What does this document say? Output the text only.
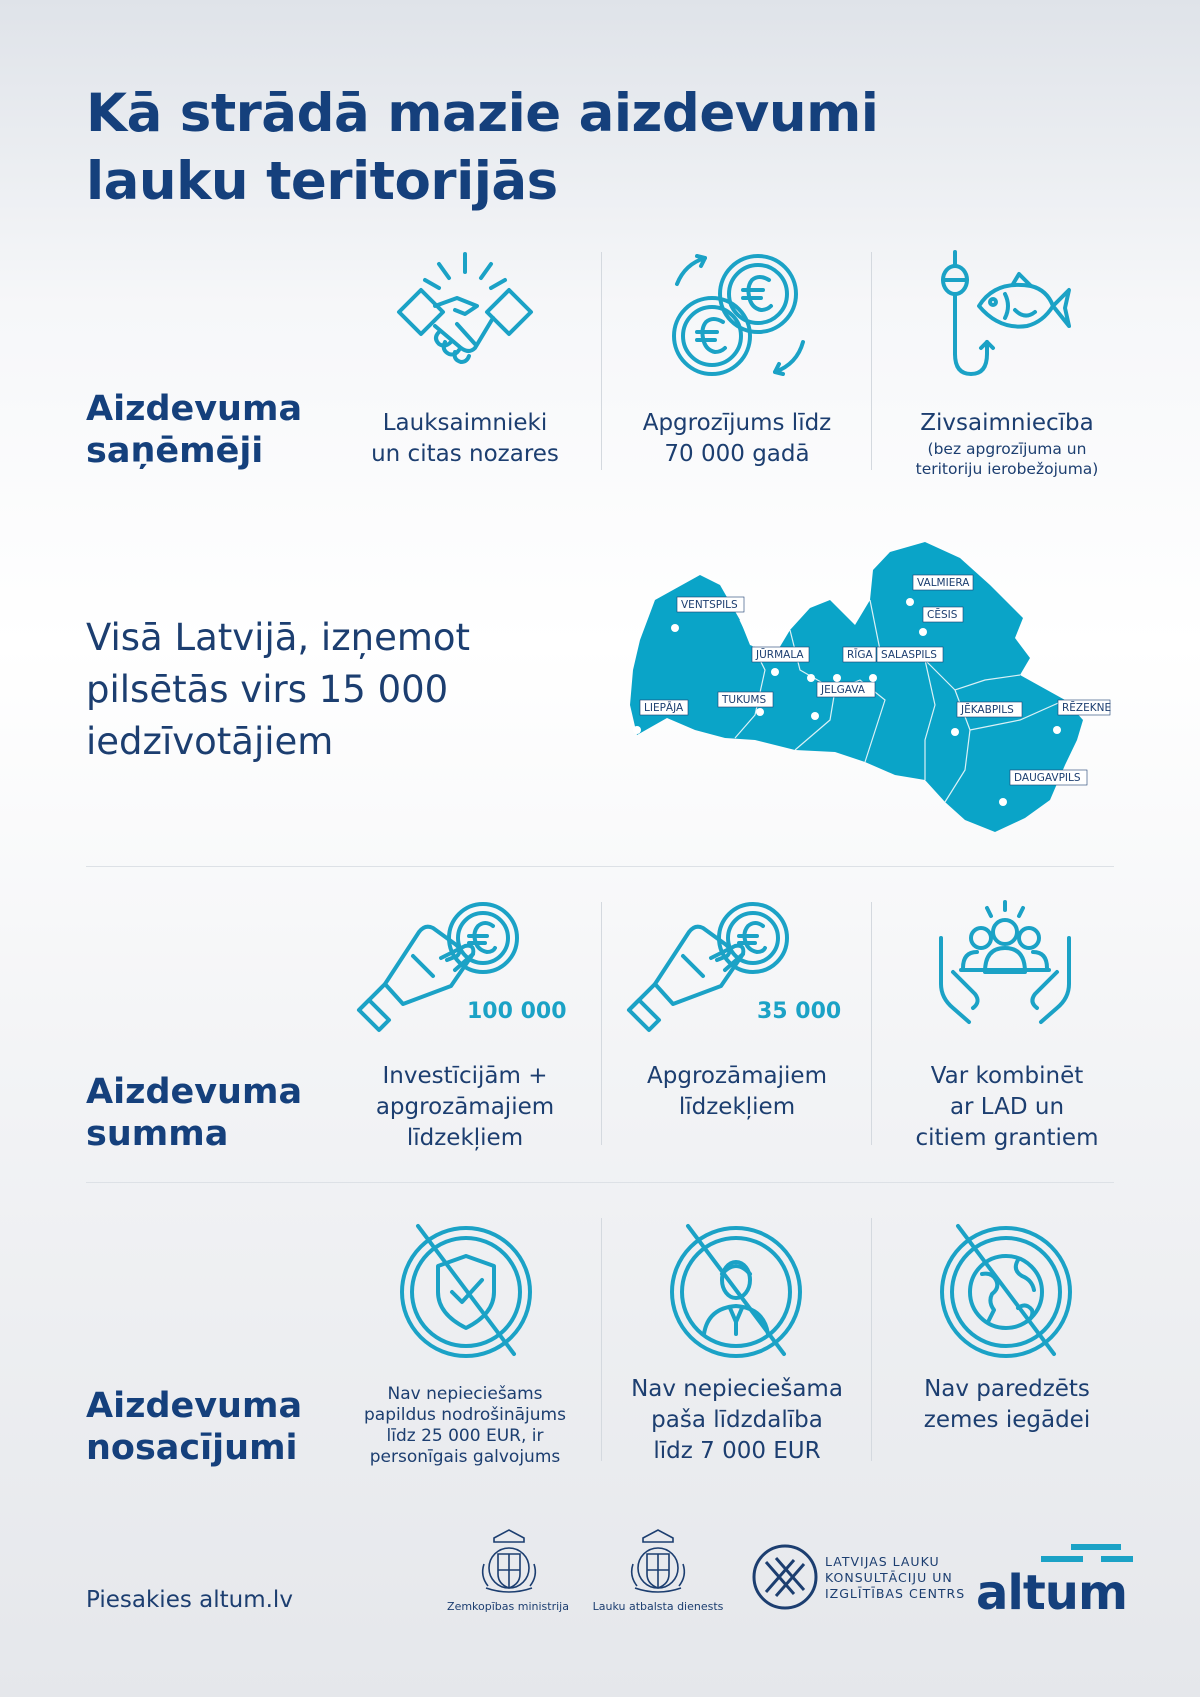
Kā strādā mazie aizdevumi
lauku teritorijās
Aizdevuma
saņēmēji
Lauksaimnieki
un citas nozares
Apgrozījums līdz
70 000 gadā
Zivsaimniecība
(bez apgrozījuma un
teritoriju ierobežojuma)
Visā Latvijā, izņemot
pilsētās virs 15 000
iedzīvotājiem
VENTSPILS
VALMIERA
CĒSIS
JŪRMALA	RĪGA SALASPILS
TUKUMS
JELGAVA
LIEPĀJA	JĒKABPILS	RĒZEKNE
DAUGAVPILS
Aizdevuma
summa
100 000	35 000
Investīcijām +
apgrozāmajiem
līdzekļiem
Apgrozāmajiem
līdzekļiem
Var kombinēt
ar LAD un
citiem grantiem
Aizdevuma
nosacījumi
Nav nepieciešams
papildus nodrošinājums
līdz 25 000 EUR, ir
personīgais galvojums
Nav nepieciešama
paša līdzdalība
līdz 7 000 EUR
Nav paredzēts
zemes iegādei
Piesakies altum.lv	Zemkopības ministrija	Lauku atbalsta dienests
LATVIJAS LAUKU
KONSULTĀCIJU UN
IZGLĪTĪBAS CENTRS altum
